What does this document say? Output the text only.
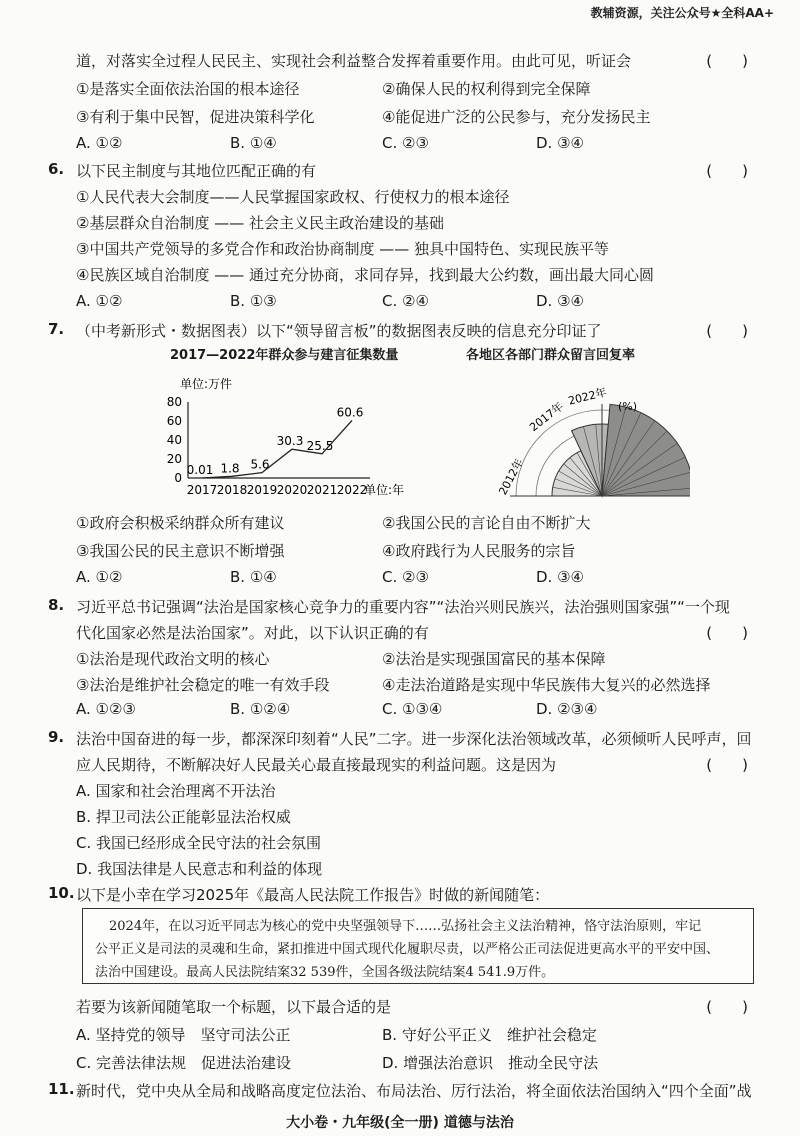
教辅资源，关注公众号★全科AA+
道，对落实全过程人民民主、实现社会利益整合发挥着重要作用。由此可见，听证会	(　　)
①是落实全面依法治国的根本途径	②确保人民的权利得到完全保障
③有利于集中民智，促进决策科学化	④能促进广泛的公民参与，充分发扬民主
A. ①②	B. ①④	C. ②③	D. ③④
6. 以下民主制度与其地位匹配正确的有	(　　)
①人民代表大会制度——人民掌握国家政权、行使权力的根本途径
②基层群众自治制度 —— 社会主义民主政治建设的基础
③中国共产党领导的多党合作和政治协商制度 —— 独具中国特色、实现民族平等
④民族区域自治制度 —— 通过充分协商，求同存异，找到最大公约数，画出最大同心圆
A. ①②	B. ①③	C. ②④	D. ③④
7. （中考新形式・数据图表）以下“领导留言板”的数据图表反映的信息充分印证了	(　　)
2017—2022年群众参与建言征集数量	各地区各部门群众留言回复率
单位:万件
0
20
40
60
80
2017 2018 2019 2020 2021 2022
单位:年
0.01 1.8 5.6
30.3 25.5
60.6	(%)
2012年
2017年
2022年
①政府会积极采纳群众所有建议	②我国公民的言论自由不断扩大
③我国公民的民主意识不断增强	④政府践行为人民服务的宗旨
A. ①②	B. ①④	C. ②③	D. ③④
8. 习近平总书记强调“法治是国家核心竞争力的重要内容”“法治兴则民族兴，法治强则国家强”“一个现
代化国家必然是法治国家”。对此，以下认识正确的有	(　　)
①法治是现代政治文明的核心	②法治是实现强国富民的基本保障
③法治是维护社会稳定的唯一有效手段	④走法治道路是实现中华民族伟大复兴的必然选择
A. ①②③	B. ①②④	C. ①③④	D. ②③④
9. 法治中国奋进的每一步，都深深印刻着“人民”二字。进一步深化法治领域改革，必须倾听人民呼声，回
应人民期待，不断解决好人民最关心最直接最现实的利益问题。这是因为	(　　)
A. 国家和社会治理离不开法治
B. 捍卫司法公正能彰显法治权威
C. 我国已经形成全民守法的社会氛围
D. 我国法律是人民意志和利益的体现
10. 以下是小幸在学习2025年《最高人民法院工作报告》时做的新闻随笔：
2024年，在以习近平同志为核心的党中央坚强领导下……弘扬社会主义法治精神，恪守法治原则，牢记
公平正义是司法的灵魂和生命，紧扣推进中国式现代化履职尽责，以严格公正司法促进更高水平的平安中国、
法治中国建设。最高人民法院结案32 539件，全国各级法院结案4 541.9万件。
若要为该新闻随笔取一个标题，以下最合适的是	(　　)
A. 坚持党的领导　坚守司法公正	B. 守好公平正义　维护社会稳定
C. 完善法律法规　促进法治建设	D. 增强法治意识　推动全民守法
11. 新时代，党中央从全局和战略高度定位法治、布局法治、厉行法治，将全面依法治国纳入“四个全面”战
大小卷・九年级(全一册) 道德与法治
